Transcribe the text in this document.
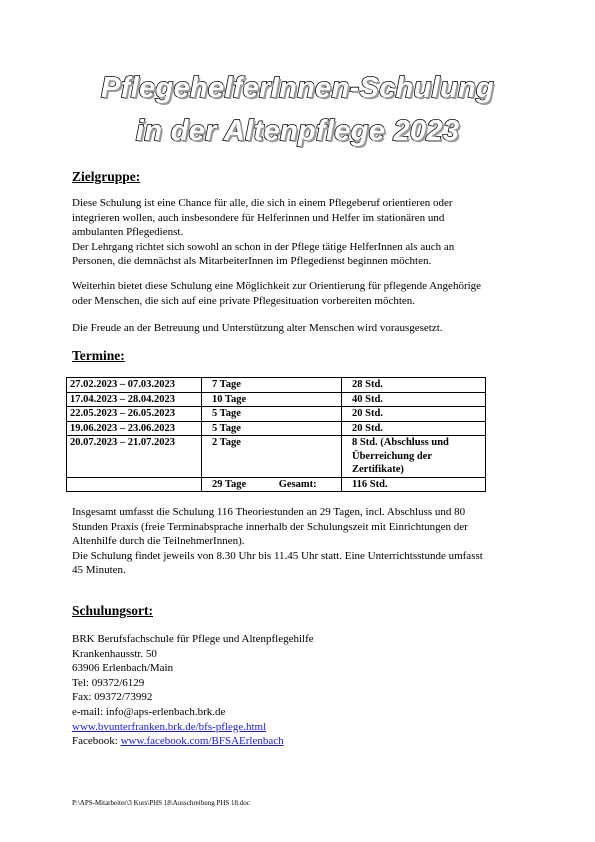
PflegehelferInnen-Schulung
in der Altenpflege 2023
Zielgruppe:
Diese Schulung ist eine Chance für alle, die sich in einem Pflegeberuf orientieren oder
integrieren wollen, auch insbesondere für Helferinnen und Helfer im stationären und
ambulanten Pflegedienst.
Der Lehrgang richtet sich sowohl an schon in der Pflege tätige HelferInnen als auch an
Personen, die demnächst als MitarbeiterInnen im Pflegedienst beginnen möchten.
Weiterhin bietet diese Schulung eine Möglichkeit zur Orientierung für pflegende Angehörige
oder Menschen, die sich auf eine private Pflegesituation vorbereiten möchten.
Die Freude an der Betreuung und Unterstützung alter Menschen wird vorausgesetzt.
Termine:
27.02.2023 – 07.03.2023	7 Tage	28 Std.
17.04.2023 – 28.04.2023	10 Tage	40 Std.
22.05.2023 – 26.05.2023	5 Tage	20 Std.
19.06.2023 – 23.06.2023	5 Tage	20 Std.
20.07.2023 – 21.07.2023	2 Tage	8 Std. (Abschluss und
Überreichung der
Zertifikate)

	29 Tage Gesamt:	116 Std.
Insgesamt umfasst die Schulung 116 Theoriestunden an 29 Tagen, incl. Abschluss und 80
Stunden Praxis (freie Terminabsprache innerhalb der Schulungszeit mit Einrichtungen der
Altenhilfe durch die TeilnehmerInnen).
Die Schulung findet jeweils von 8.30 Uhr bis 11.45 Uhr statt. Eine Unterrichtsstunde umfasst
45 Minuten.
Schulungsort:
BRK Berufsfachschule für Pflege und Altenpflegehilfe
Krankenhausstr. 50
63906 Erlenbach/Main
Tel: 09372/6129
Fax: 09372/73992
e-mail: info@aps-erlenbach.brk.de
www.bvunterfranken.brk.de/bfs-pflege.html
Facebook: www.facebook.com/BFSAErlenbach
P:\APS-Mitarbeiter\3 Kurs\PHS 18\Ausschreibung PHS 18.doc
